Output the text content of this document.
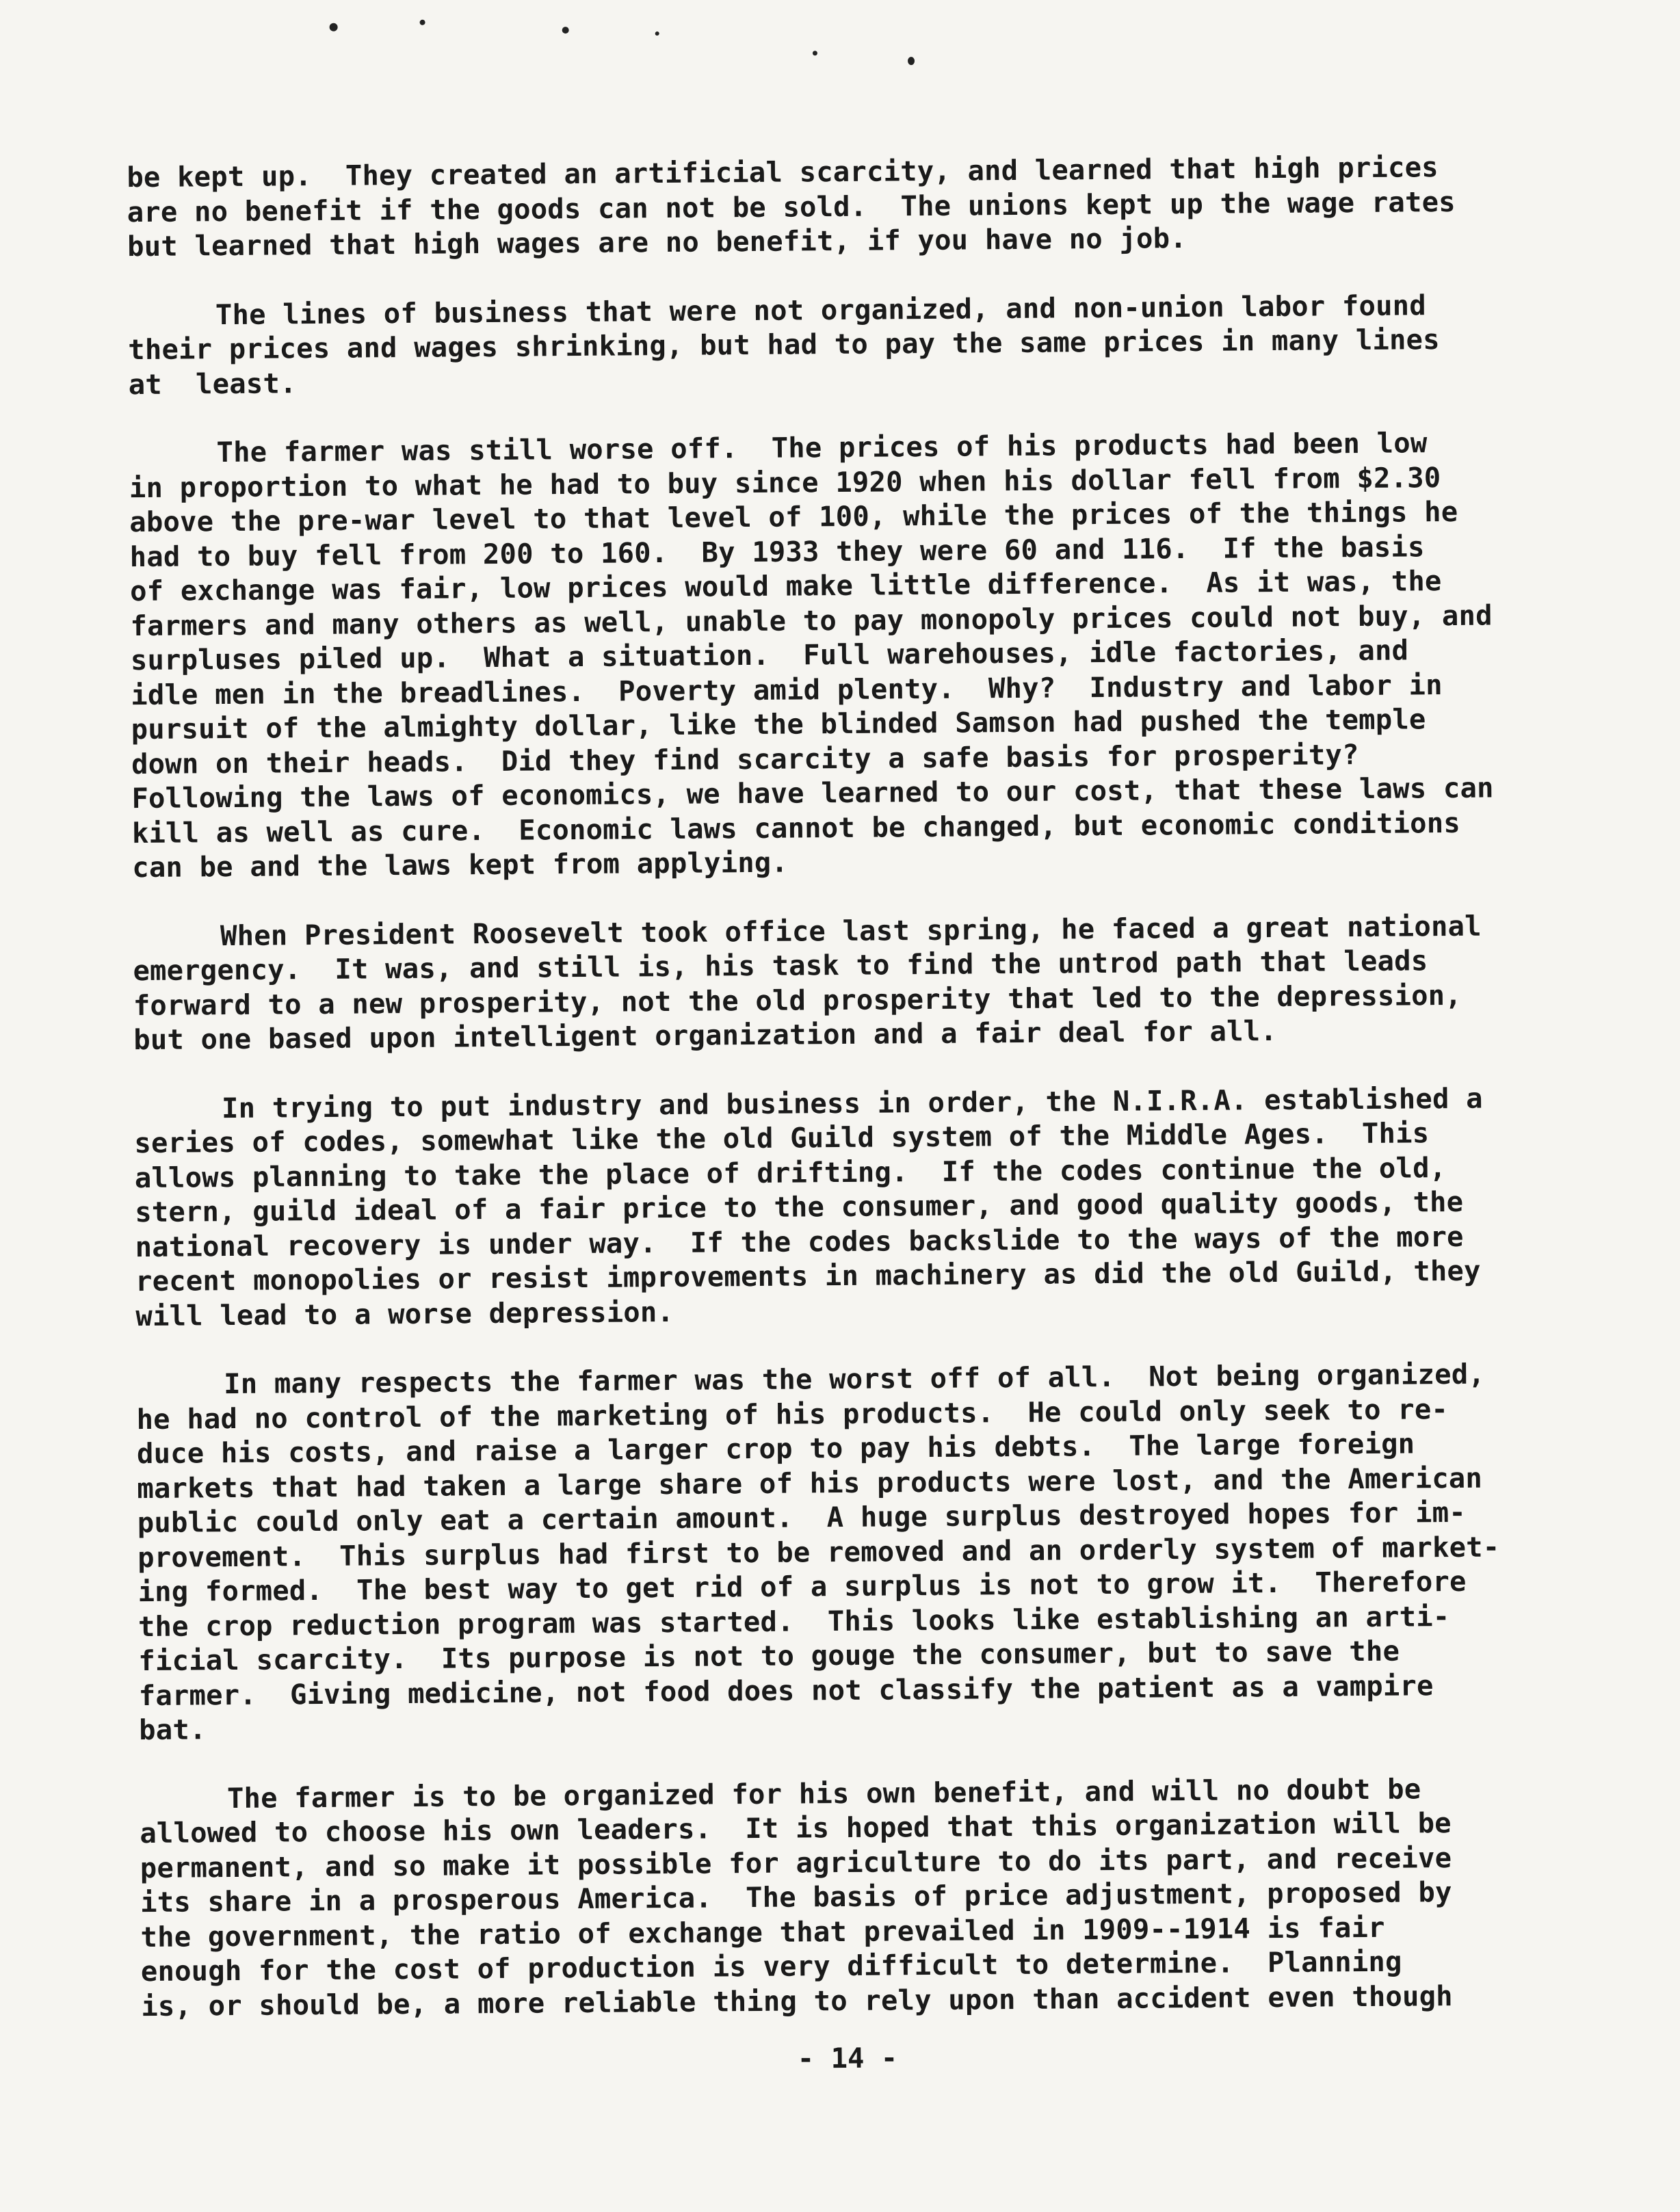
be kept up.  They created an artificial scarcity, and learned that high prices
are no benefit if the goods can not be sold.  The unions kept up the wage rates
but learned that high wages are no benefit, if you have no job.
The lines of business that were not organized, and non-union labor found
their prices and wages shrinking, but had to pay the same prices in many lines
at  least.
The farmer was still worse off.  The prices of his products had been low
in proportion to what he had to buy since 1920 when his dollar fell from $2.30
above the pre-war level to that level of 100, while the prices of the things he
had to buy fell from 200 to 160.  By 1933 they were 60 and 116.  If the basis
of exchange was fair, low prices would make little difference.  As it was, the
farmers and many others as well, unable to pay monopoly prices could not buy, and
surpluses piled up.  What a situation.  Full warehouses, idle factories, and
idle men in the breadlines.  Poverty amid plenty.  Why?  Industry and labor in
pursuit of the almighty dollar, like the blinded Samson had pushed the temple
down on their heads.  Did they find scarcity a safe basis for prosperity?
Following the laws of economics, we have learned to our cost, that these laws can
kill as well as cure.  Economic laws cannot be changed, but economic conditions
can be and the laws kept from applying.
When President Roosevelt took office last spring, he faced a great national
emergency.  It was, and still is, his task to find the untrod path that leads
forward to a new prosperity, not the old prosperity that led to the depression,
but one based upon intelligent organization and a fair deal for all.
In trying to put industry and business in order, the N.I.R.A. established a
series of codes, somewhat like the old Guild system of the Middle Ages.  This
allows planning to take the place of drifting.  If the codes continue the old,
stern, guild ideal of a fair price to the consumer, and good quality goods, the
national recovery is under way.  If the codes backslide to the ways of the more
recent monopolies or resist improvements in machinery as did the old Guild, they
will lead to a worse depression.
In many respects the farmer was the worst off of all.  Not being organized,
he had no control of the marketing of his products.  He could only seek to re-
duce his costs, and raise a larger crop to pay his debts.  The large foreign
markets that had taken a large share of his products were lost, and the American
public could only eat a certain amount.  A huge surplus destroyed hopes for im-
provement.  This surplus had first to be removed and an orderly system of market-
ing formed.  The best way to get rid of a surplus is not to grow it.  Therefore
the crop reduction program was started.  This looks like establishing an arti-
ficial scarcity.  Its purpose is not to gouge the consumer, but to save the
farmer.  Giving medicine, not food does not classify the patient as a vampire
bat.
The farmer is to be organized for his own benefit, and will no doubt be
allowed to choose his own leaders.  It is hoped that this organization will be
permanent, and so make it possible for agriculture to do its part, and receive
its share in a prosperous America.  The basis of price adjustment, proposed by
the government, the ratio of exchange that prevailed in 1909--1914 is fair
enough for the cost of production is very difficult to determine.  Planning
is, or should be, a more reliable thing to rely upon than accident even though
- 14 -
